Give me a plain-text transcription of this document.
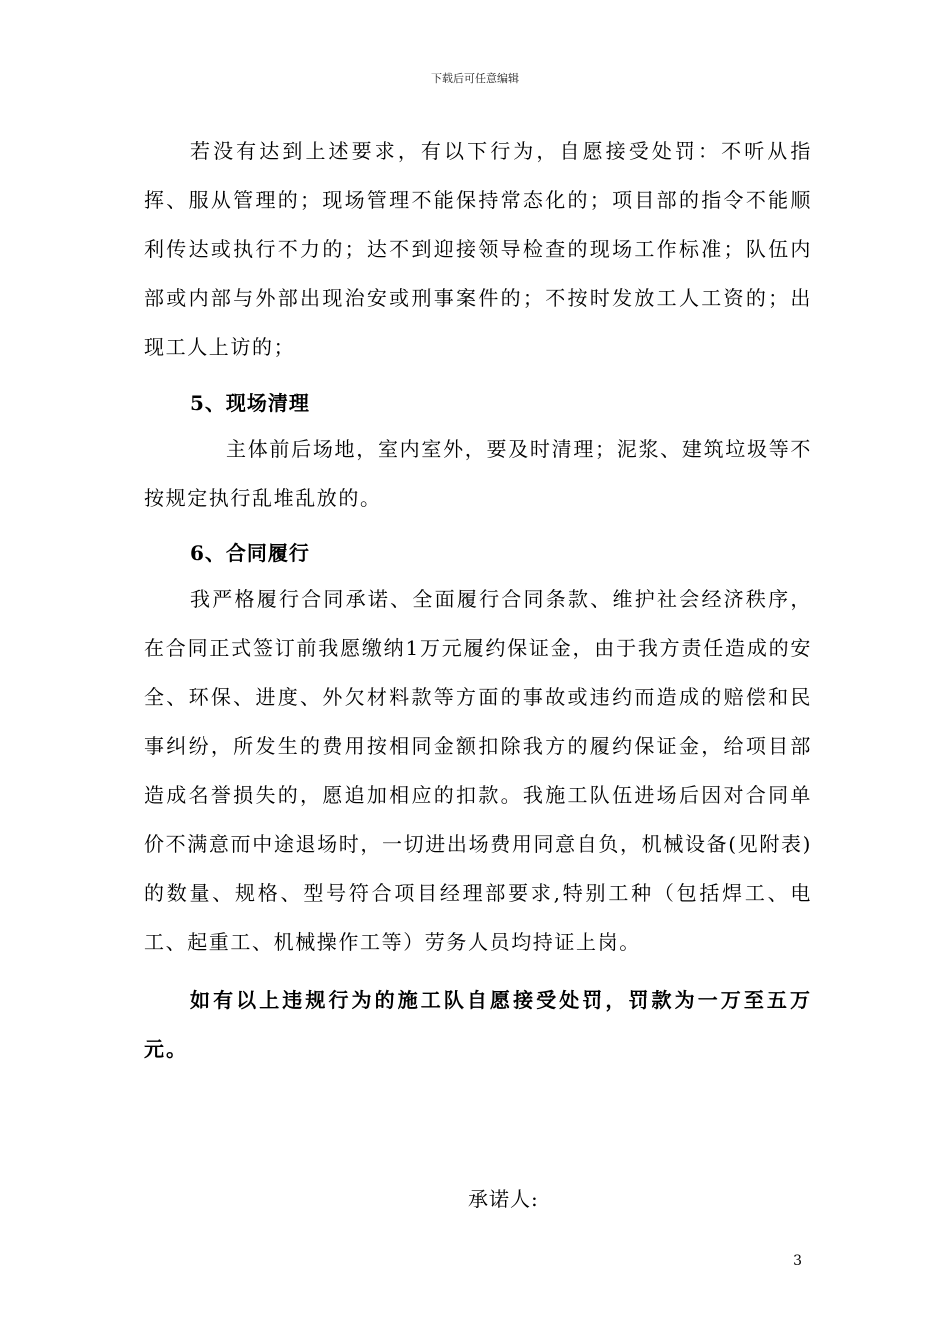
下载后可任意编辑

若没有达到上述要求，有以下行为，自愿接受处罚：不听从指挥、服从管理的；现场管理不能保持常态化的；项目部的指令不能顺利传达或执行不力的；达不到迎接领导检查的现场工作标准；队伍内部或内部与外部出现治安或刑事案件的；不按时发放工人工资的；出现工人上访的；

5、现场清理

主体前后场地，室内室外，要及时清理；泥浆、建筑垃圾等不按规定执行乱堆乱放的。

6、合同履行

我严格履行合同承诺、全面履行合同条款、维护社会经济秩序，在合同正式签订前我愿缴纳1万元履约保证金，由于我方责任造成的安全、环保、进度、外欠材料款等方面的事故或违约而造成的赔偿和民事纠纷，所发生的费用按相同金额扣除我方的履约保证金，给项目部造成名誉损失的，愿追加相应的扣款。我施工队伍进场后因对合同单价不满意而中途退场时，一切进出场费用同意自负，机械设备(见附表)的数量、规格、型号符合项目经理部要求,特别工种（包括焊工、电工、起重工、机械操作工等）劳务人员均持证上岗。

如有以上违规行为的施工队自愿接受处罚，罚款为一万至五万元。

承诺人:
3
